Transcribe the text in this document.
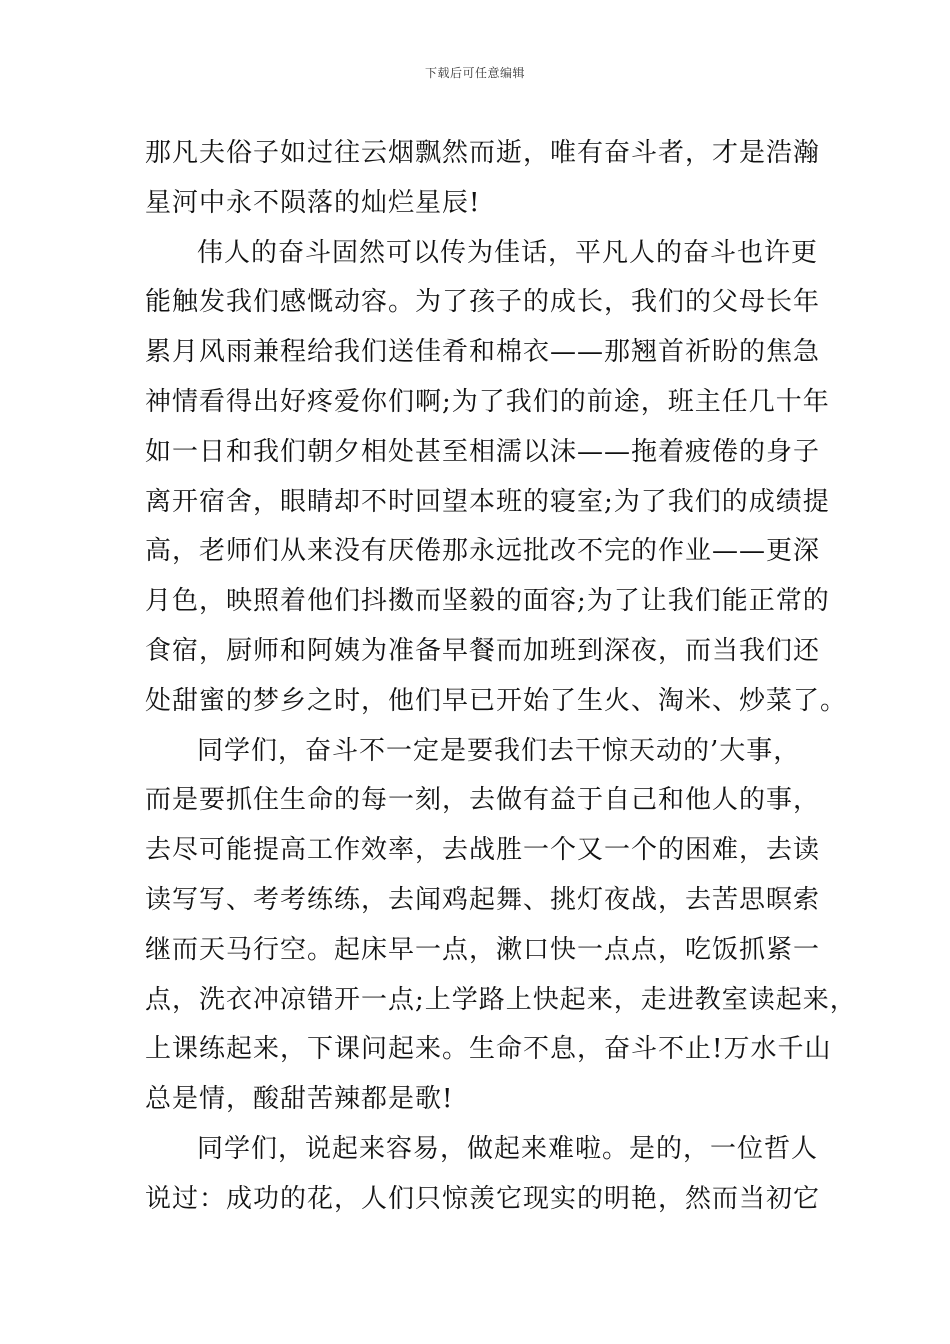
下载后可任意编辑
那凡夫俗子如过往云烟飘然而逝，唯有奋斗者，才是浩瀚
星河中永不陨落的灿烂星辰!
伟人的奋斗固然可以传为佳话，平凡人的奋斗也许更
能触发我们感慨动容。为了孩子的成长，我们的父母长年
累月风雨兼程给我们送佳肴和棉衣——那翘首祈盼的焦急
神情看得出好疼爱你们啊;为了我们的前途，班主任几十年
如一日和我们朝夕相处甚至相濡以沫——拖着疲倦的身子
离开宿舍，眼睛却不时回望本班的寝室;为了我们的成绩提
高，老师们从来没有厌倦那永远批改不完的作业——更深
月色，映照着他们抖擞而坚毅的面容;为了让我们能正常的
食宿，厨师和阿姨为准备早餐而加班到深夜，而当我们还
处甜蜜的梦乡之时，他们早已开始了生火、淘米、炒菜了。
同学们，奋斗不一定是要我们去干惊天动的’大事，
而是要抓住生命的每一刻，去做有益于自己和他人的事，
去尽可能提高工作效率，去战胜一个又一个的困难，去读
读写写、考考练练，去闻鸡起舞、挑灯夜战，去苦思暝索
继而天马行空。起床早一点，漱口快一点点，吃饭抓紧一
点，洗衣冲凉错开一点;上学路上快起来，走进教室读起来，
上课练起来，下课问起来。生命不息，奋斗不止!万水千山
总是情，酸甜苦辣都是歌!
同学们，说起来容易，做起来难啦。是的，一位哲人
说过：成功的花，人们只惊羡它现实的明艳，然而当初它
